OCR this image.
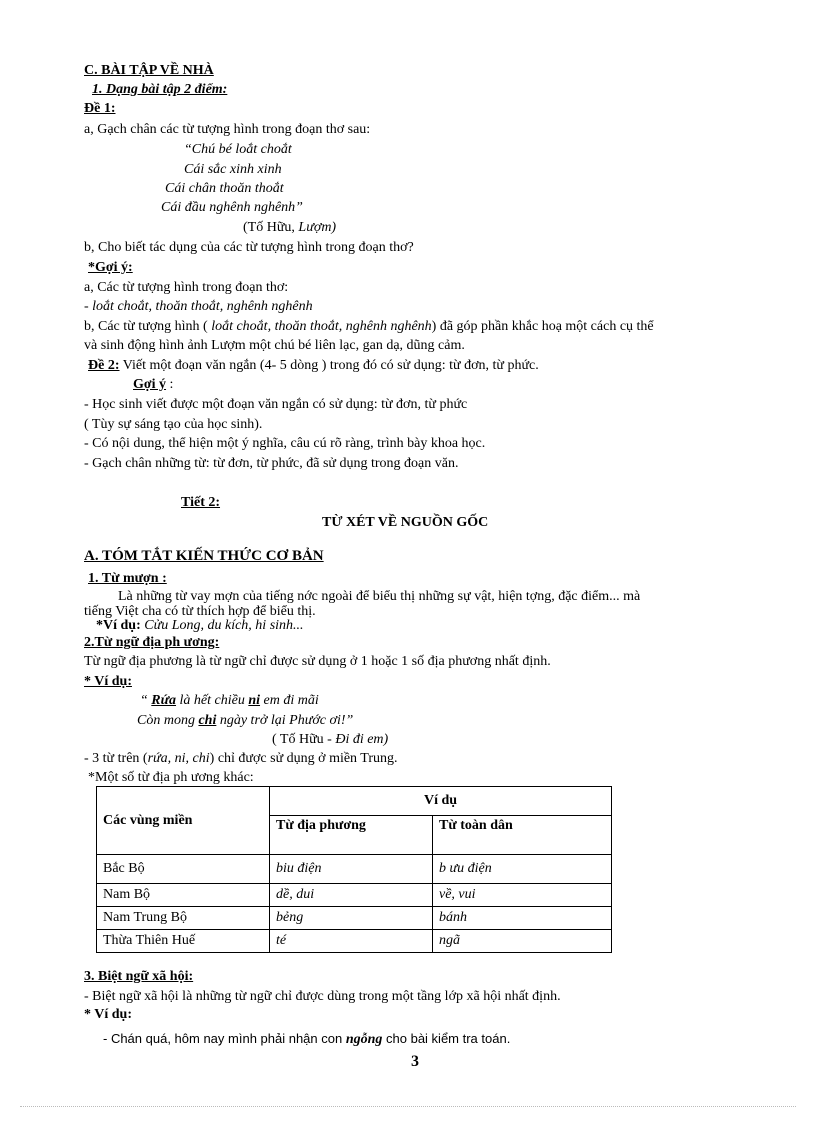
C. BÀI TẬP VỀ NHÀ
1. Dạng bài tập 2 điểm:
Đề 1:
a, Gạch chân các từ tượng hình trong đoạn thơ sau:
“Chú bé loắt choắt
Cái sắc xinh xinh
Cái chân thoăn thoắt
Cái đầu nghênh nghênh”
(Tố Hữu, Lượm)
b, Cho biết tác dụng của các từ tượng hình trong đoạn thơ?
*Gợi ý:
a, Các từ tượng hình trong đoạn thơ:
- loắt choắt, thoăn thoắt, nghênh nghênh
b, Các từ tượng hình ( loắt choắt, thoăn thoắt, nghênh nghênh) đã góp phần khắc hoạ một cách cụ thể
và sinh động hình ảnh Lượm một chú bé liên lạc, gan dạ, dũng cảm.
Đề 2: Viết một đoạn văn ngắn (4- 5 dòng ) trong đó có sử dụng: từ đơn, từ phức.
Gợi ý :
- Học sinh viết được một đoạn văn ngắn có sử dụng: từ đơn, từ phức
( Tùy sự sáng tạo của học sinh).
- Có nội dung, thể hiện một ý nghĩa, câu cú rõ ràng, trình bày khoa học.
- Gạch chân những từ: từ đơn, từ phức, đã sử dụng trong đoạn văn.
Tiết 2:
TỪ XÉT VỀ NGUỒN GỐC
A. TÓM TẮT KIẾN THỨC CƠ BẢN
1. Từ mượn :
Là những từ vay mợn của tiếng nớc ngoài để biểu thị những sự vật, hiện tợng, đặc điểm... mà
tiếng Việt cha có từ thích hợp để biểu thị.
*Ví dụ: Cửu Long, du kích, hi sinh...
2.Từ ngữ địa ph ương:
Từ ngữ địa phương là từ ngữ chỉ được sử dụng ở 1 hoặc 1 số địa phương nhất định.
* Ví dụ:
“ Rứa là hết chiều ni em đi mãi
Còn mong chi ngày trở lại Phước ơi!”
( Tố Hữu - Đi đi em)
- 3 từ trên (rứa, ni, chi) chỉ được sử dụng ở miền Trung.
*Một số từ địa ph ương khác:
Các vùng miền	Ví dụ	
	Từ địa phương	Từ toàn dân
Bắc Bộ	biu điện	b ưu điện
Nam Bộ	dề, dui	về, vui
Nam Trung Bộ	bẻng	bánh
Thừa Thiên Huế	té	ngã
3. Biệt ngữ xã hội:
- Biệt ngữ xã hội là những từ ngữ chỉ được dùng trong một tầng lớp xã hội nhất định.
* Ví dụ:
- Chán quá, hôm nay mình phải nhận con ngỗng cho bài kiểm tra toán.
3
